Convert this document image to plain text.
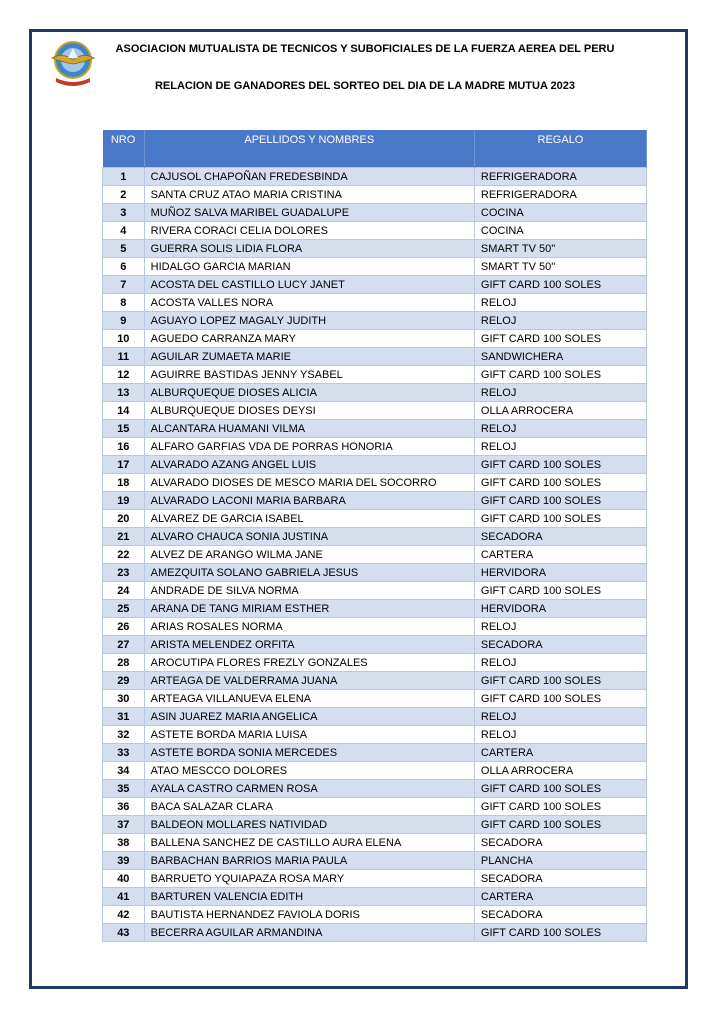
ASOCIACION MUTUALISTA DE TECNICOS Y SUBOFICIALES DE LA FUERZA AEREA DEL PERU
RELACION DE GANADORES DEL SORTEO DEL DIA DE LA MADRE MUTUA 2023
NRO	APELLIDOS Y NOMBRES	REGALO
1	CAJUSOL CHAPOÑAN FREDESBINDA	REFRIGERADORA
2	SANTA CRUZ ATAO MARIA CRISTINA	REFRIGERADORA
3	MUÑOZ SALVA MARIBEL GUADALUPE	COCINA
4	RIVERA CORACI CELIA DOLORES	COCINA
5	GUERRA SOLIS LIDIA FLORA	SMART TV 50''
6	HIDALGO GARCIA MARIAN	SMART TV 50''
7	ACOSTA DEL CASTILLO LUCY JANET	GIFT CARD 100 SOLES
8	ACOSTA VALLES NORA	RELOJ
9	AGUAYO LOPEZ MAGALY JUDITH	RELOJ
10	AGUEDO CARRANZA MARY	GIFT CARD 100 SOLES
11	AGUILAR ZUMAETA MARIE	SANDWICHERA
12	AGUIRRE BASTIDAS JENNY YSABEL	GIFT CARD 100 SOLES
13	ALBURQUEQUE DIOSES ALICIA	RELOJ
14	ALBURQUEQUE DIOSES DEYSI	OLLA ARROCERA
15	ALCANTARA HUAMANI VILMA	RELOJ
16	ALFARO GARFIAS VDA DE PORRAS HONORIA	RELOJ
17	ALVARADO AZANG ANGEL LUIS	GIFT CARD 100 SOLES
18	ALVARADO DIOSES DE MESCO MARIA DEL SOCORRO	GIFT CARD 100 SOLES
19	ALVARADO LACONI MARIA BARBARA	GIFT CARD 100 SOLES
20	ALVAREZ DE GARCIA ISABEL	GIFT CARD 100 SOLES
21	ALVARO CHAUCA SONIA JUSTINA	SECADORA
22	ALVEZ DE ARANGO WILMA JANE	CARTERA
23	AMEZQUITA SOLANO GABRIELA JESUS	HERVIDORA
24	ANDRADE DE SILVA NORMA	GIFT CARD 100 SOLES
25	ARANA DE TANG MIRIAM ESTHER	HERVIDORA
26	ARIAS ROSALES NORMA	RELOJ
27	ARISTA MELENDEZ ORFITA	SECADORA
28	AROCUTIPA FLORES FREZLY GONZALES	RELOJ
29	ARTEAGA DE VALDERRAMA JUANA	GIFT CARD 100 SOLES
30	ARTEAGA VILLANUEVA ELENA	GIFT CARD 100 SOLES
31	ASIN JUAREZ MARIA ANGELICA	RELOJ
32	ASTETE BORDA MARIA LUISA	RELOJ
33	ASTETE BORDA SONIA MERCEDES	CARTERA
34	ATAO MESCCO DOLORES	OLLA ARROCERA
35	AYALA CASTRO CARMEN ROSA	GIFT CARD 100 SOLES
36	BACA SALAZAR CLARA	GIFT CARD 100 SOLES
37	BALDEON MOLLARES NATIVIDAD	GIFT CARD 100 SOLES
38	BALLENA SANCHEZ DE CASTILLO AURA ELENA	SECADORA
39	BARBACHAN BARRIOS MARIA PAULA	PLANCHA
40	BARRUETO YQUIAPAZA ROSA MARY	SECADORA
41	BARTUREN VALENCIA EDITH	CARTERA
42	BAUTISTA HERNANDEZ FAVIOLA DORIS	SECADORA
43	BECERRA AGUILAR ARMANDINA	GIFT CARD 100 SOLES
